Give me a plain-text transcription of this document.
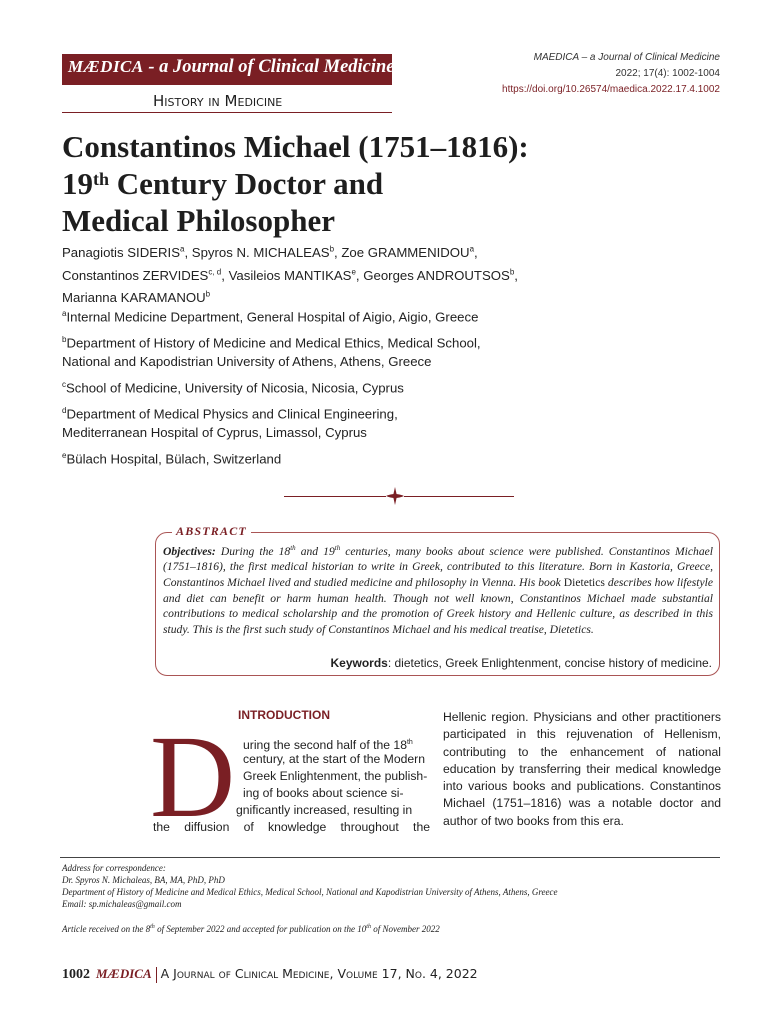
MÆDICA - a Journal of Clinical Medicine
History in Medicine
MAEDICA – a Journal of Clinical Medicine
2022; 17(4): 1002-1004
https://doi.org/10.26574/maedica.2022.17.4.1002
Constantinos Michael (1751–1816):
19th Century Doctor and
Medical Philosopher
Panagiotis SIDERIS$^a$, Spyros N. MICHALEAS$^b$, Zoe GRAMMENIDOU$^a$,
Constantinos ZERVIDES$^{c, d}$, Vasileios MANTIKAS$^e$, Georges ANDROUTSOS$^b$,
Marianna KARAMANOU$^b$
$^a$Internal Medicine Department, General Hospital of Aigio, Aigio, Greece
$^b$Department of History of Medicine and Medical Ethics, Medical School,
National and Kapodistrian University of Athens, Athens, Greece
$^c$School of Medicine, University of Nicosia, Nicosia, Cyprus
$^d$Department of Medical Physics and Clinical Engineering,
Mediterranean Hospital of Cyprus, Limassol, Cyprus
$^e$Bülach Hospital, Bülach, Switzerland
ABSTRACT
Objectives: During the 18th and 19th centuries, many books about science were published. Constantinos Michael (1751–1816), the first medical historian to write in Greek, contributed to this literature. Born in Kastoria, Greece, Constantinos Michael lived and studied medicine and philosophy in Vienna. His book Dietetics describes how lifestyle and diet can benefit or harm human health. Though not well known, Constantinos Michael made substantial contributions to medical scholarship and the promotion of Greek history and Hellenic culture, as described in this study. This is the first such study of Constantinos Michael and his medical treatise, Dietetics.
Keywords: dietetics, Greek Enlightenment, concise history of medicine.
INTRODUCTION
D uring the second half of the 18th
century, at the start of the Modern
Greek Enlightenment, the publish-
ing of books about science si-
gnificantly increased, resulting in
the diffusion of knowledge throughout the
Hellenic region. Physicians and other practitioners participated in this rejuvenation of Hellenism, contributing to the enhancement of national education by transferring their medical knowledge into various books and publications. Constantinos Michael (1751–1816) was a notable doctor and author of two books from this era.
Address for correspondence:
Dr. Spyros N. Michaleas, BA, MA, PhD, PhD
Department of History of Medicine and Medical Ethics, Medical School, National and Kapodistrian University of Athens, Athens, Greece
Email: sp.michaleas@gmail.com
Article received on the 8th of September 2022 and accepted for publication on the 10th of November 2022
1002 MÆDICA A Journal of Clinical Medicine, Volume 17, No. 4, 2022
